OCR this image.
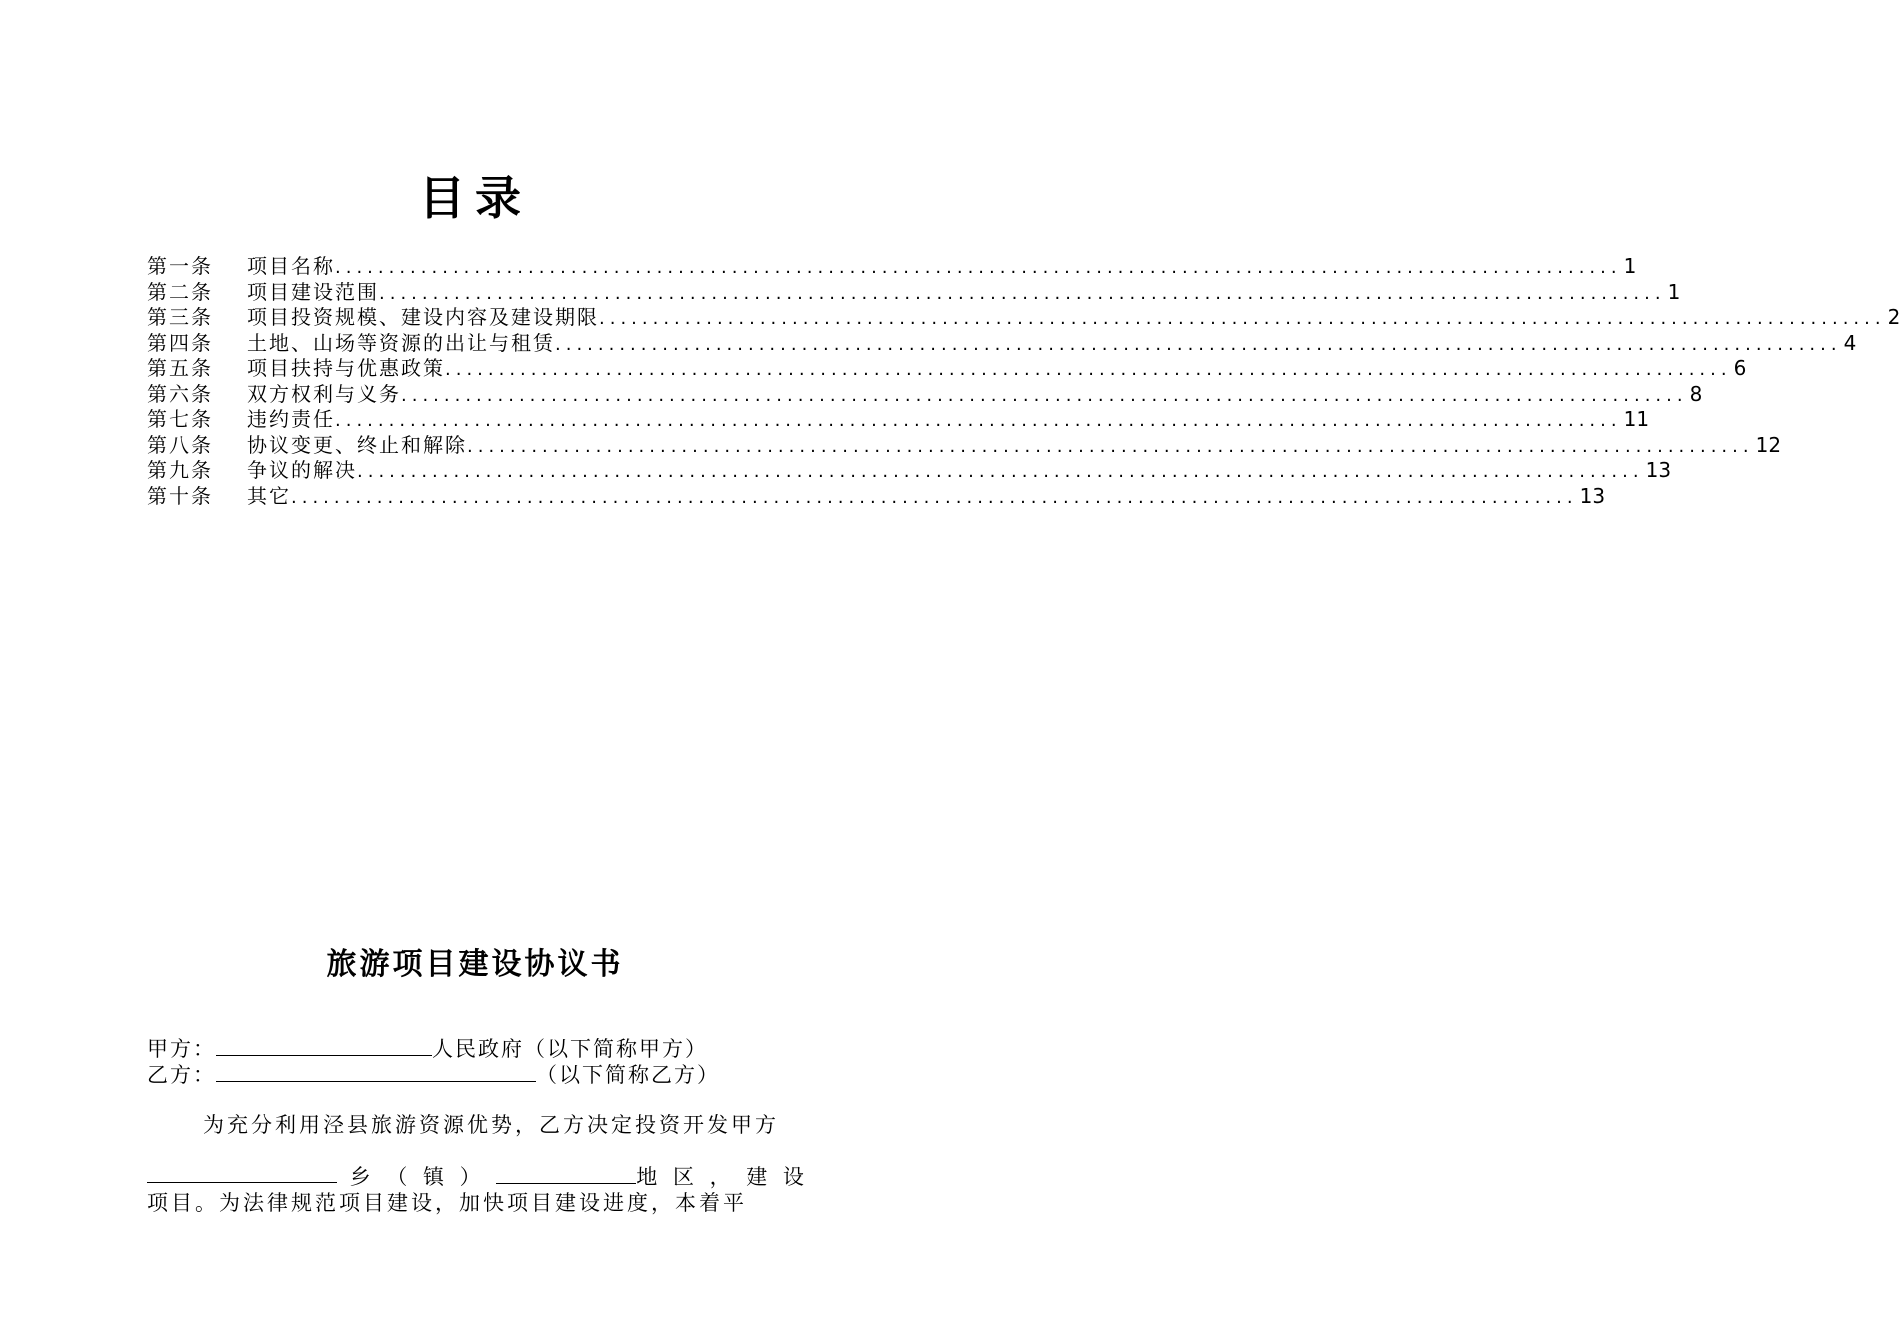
目录
第一条	项目名称 ........................................................................................................................ 1
第二条	项目建设范围 ........................................................................................................................ 1
第三条	项目投资规模、建设内容及建设期限 ........................................................................................................................ 2
第四条	土地、山场等资源的出让与租赁 ........................................................................................................................ 4
第五条	项目扶持与优惠政策 ........................................................................................................................ 6
第六条	双方权利与义务 ........................................................................................................................ 8
第七条	违约责任 ........................................................................................................................ 11
第八条	协议变更、终止和解除 ........................................................................................................................ 12
第九条	争议的解决 ........................................................................................................................ 13
第十条	其它 ........................................................................................................................ 13
旅游项目建设协议书
甲方：	人民政府（以下简称甲方）
乙方：	（以下简称乙方）
为充分利用泾县旅游资源优势，乙方决定投资开发甲方
乡 （ 镇 ）	地 区 ， 建 设
项目。为法律规范项目建设，加快项目建设进度，本着平
